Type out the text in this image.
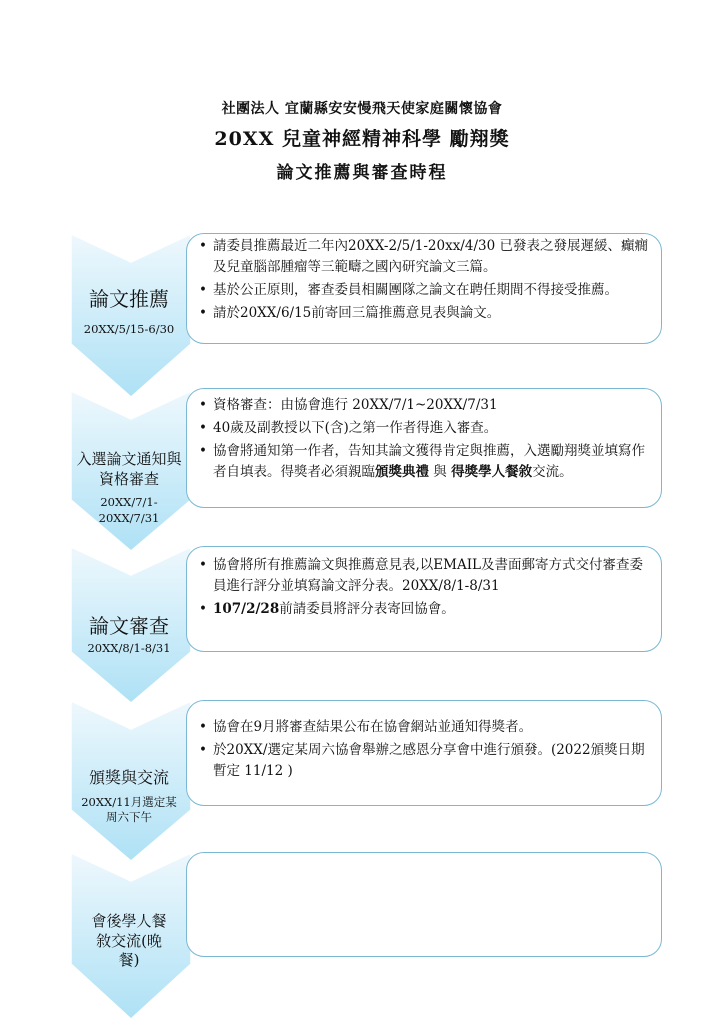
社團法人 宜蘭縣安安慢飛天使家庭關懷協會
20XX 兒童神經精神科學 勵翔獎
論文推薦與審查時程
論文推薦
20XX/5/15-6/30
• 請委員推薦最近二年內20XX-2/5/1-20xx/4/30 已發表之發展遲緩、癲癇及兒童腦部腫瘤等三範疇之國內研究論文三篇。
• 基於公正原則，審查委員相關團隊之論文在聘任期間不得接受推薦。
• 請於20XX/6/15前寄回三篇推薦意見表與論文。
入選論文通知與資格審查
20XX/7/1-20XX/7/31
• 資格審查：由協會進行 20XX/7/1~20XX/7/31
• 40歲及副教授以下(含)之第一作者得進入審查。
• 協會將通知第一作者，告知其論文獲得肯定與推薦，入選勵翔獎並填寫作者自填表。得獎者必須親臨頒獎典禮 與 得獎學人餐敘交流。
論文審查
20XX/8/1-8/31
• 協會將所有推薦論文與推薦意見表,以EMAIL及書面郵寄方式交付審查委員進行評分並填寫論文評分表。20XX/8/1-8/31
• 107/2/28前請委員將評分表寄回協會。
頒獎與交流
20XX/11月選定某周六下午
• 協會在9月將審查結果公布在協會網站並通知得獎者。
• 於20XX/選定某周六協會舉辦之感恩分享會中進行頒發。(2022頒獎日期暫定 11/12 )
會後學人餐敘交流(晚餐)
